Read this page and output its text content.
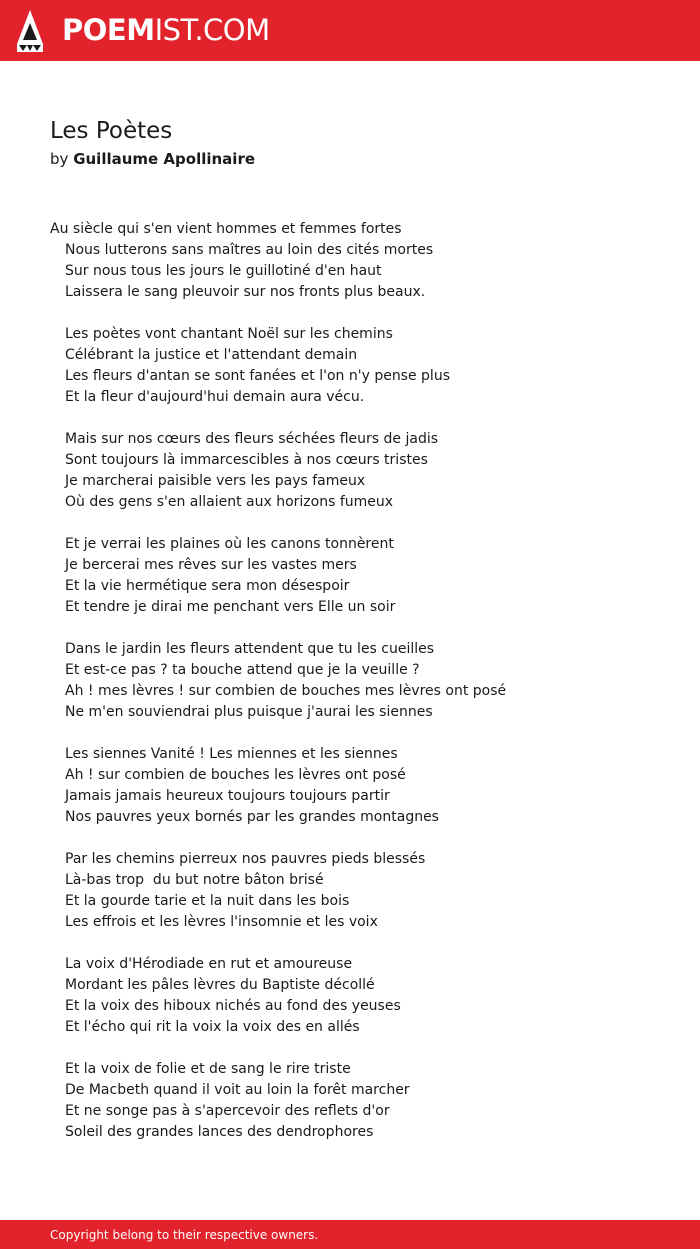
POEMIST.COM
Les Poètes
by Guillaume Apollinaire
Au siècle qui s'en vient hommes et femmes fortes
Nous lutterons sans maîtres au loin des cités mortes
Sur nous tous les jours le guillotiné d'en haut
Laissera le sang pleuvoir sur nos fronts plus beaux.
Les poètes vont chantant Noël sur les chemins
Célébrant la justice et l'attendant demain
Les fleurs d'antan se sont fanées et l'on n'y pense plus
Et la fleur d'aujourd'hui demain aura vécu.
Mais sur nos cœurs des fleurs séchées fleurs de jadis
Sont toujours là immarcescibles à nos cœurs tristes
Je marcherai paisible vers les pays fameux
Où des gens s'en allaient aux horizons fumeux
Et je verrai les plaines où les canons tonnèrent
Je bercerai mes rêves sur les vastes mers
Et la vie hermétique sera mon désespoir
Et tendre je dirai me penchant vers Elle un soir
Dans le jardin les fleurs attendent que tu les cueilles
Et est-ce pas ? ta bouche attend que je la veuille ?
Ah ! mes lèvres ! sur combien de bouches mes lèvres ont posé
Ne m'en souviendrai plus puisque j'aurai les siennes
Les siennes Vanité ! Les miennes et les siennes
Ah ! sur combien de bouches les lèvres ont posé
Jamais jamais heureux toujours toujours partir
Nos pauvres yeux bornés par les grandes montagnes
Par les chemins pierreux nos pauvres pieds blessés
Là-bas trop  du but notre bâton brisé
Et la gourde tarie et la nuit dans les bois
Les effrois et les lèvres l'insomnie et les voix
La voix d'Hérodiade en rut et amoureuse
Mordant les pâles lèvres du Baptiste décollé
Et la voix des hiboux nichés au fond des yeuses
Et l'écho qui rit la voix la voix des en allés
Et la voix de folie et de sang le rire triste
De Macbeth quand il voit au loin la forêt marcher
Et ne songe pas à s'apercevoir des reflets d'or
Soleil des grandes lances des dendrophores
Copyright belong to their respective owners.
